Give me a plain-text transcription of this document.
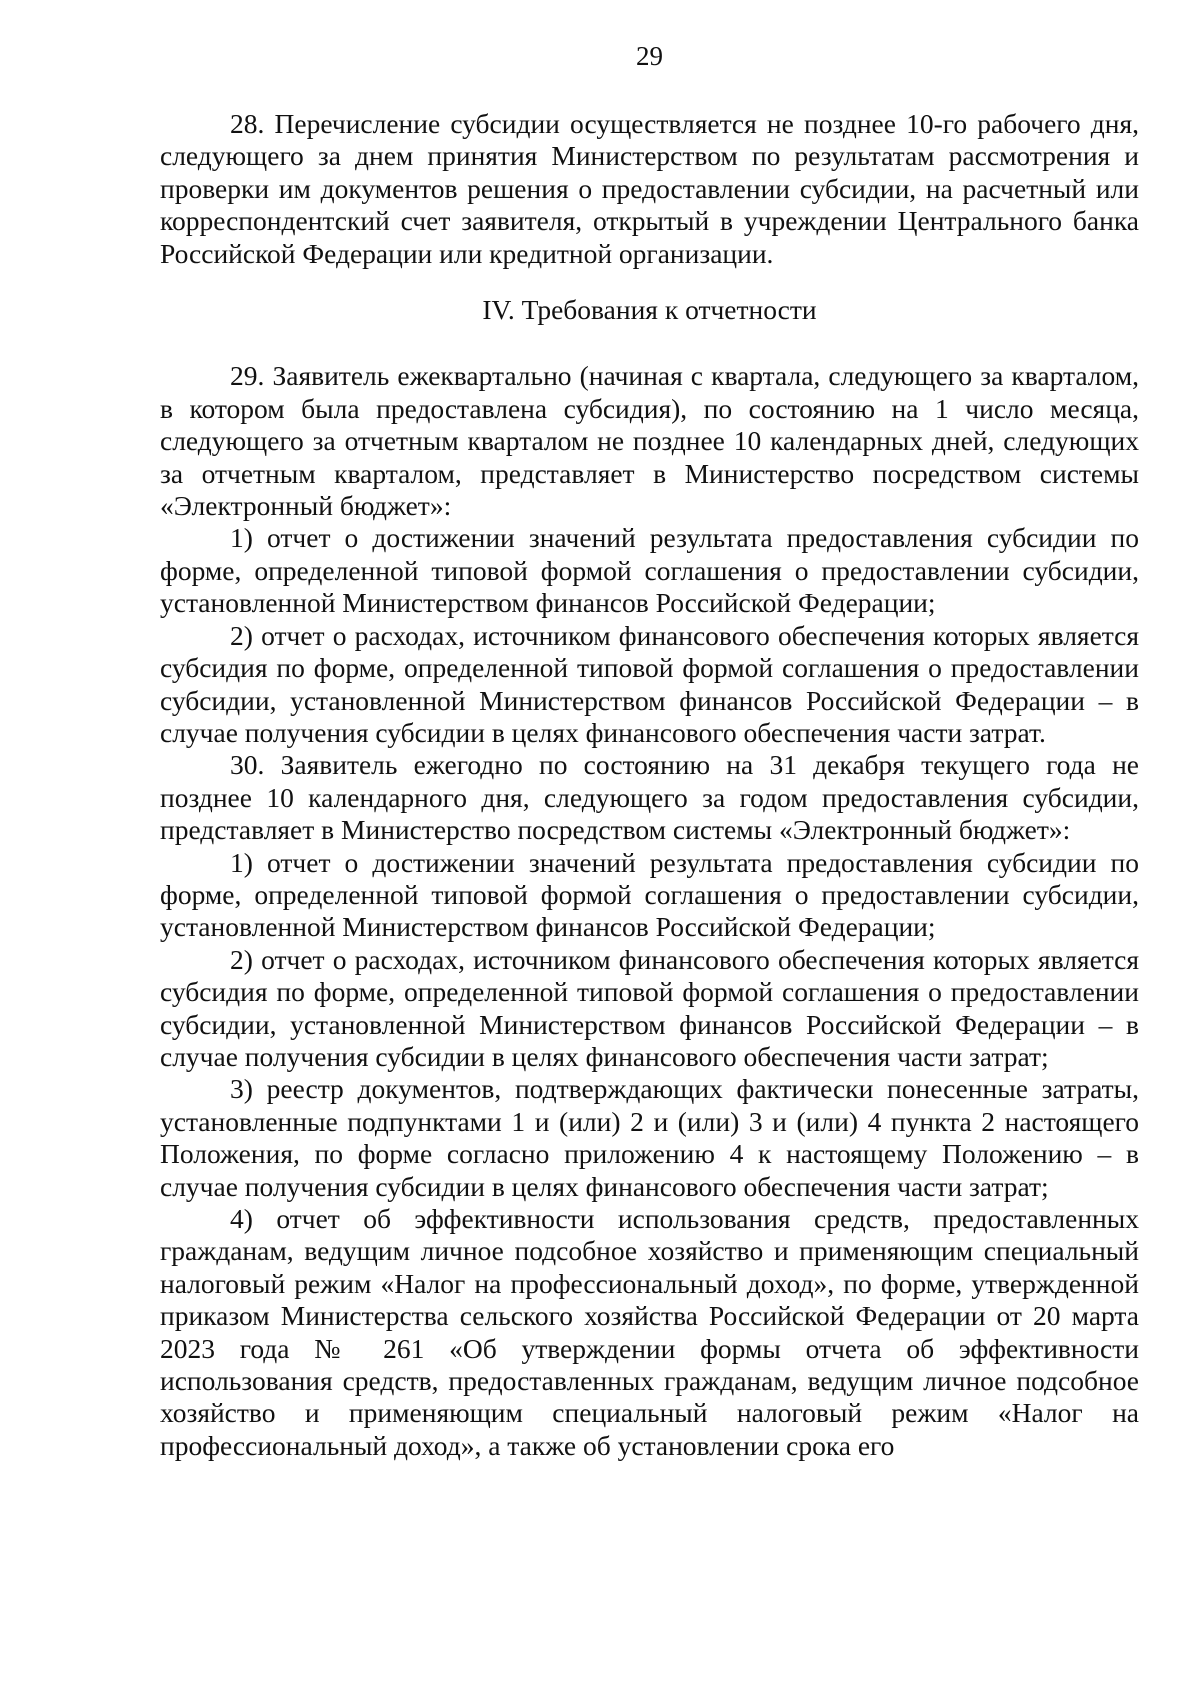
29

28. Перечисление субсидии осуществляется не позднее 10-го рабочего дня, следующего за днем принятия Министерством по результатам рассмотрения и проверки им документов решения о предоставлении субсидии, на расчетный или корреспондентский счет заявителя, открытый в учреждении Центрального банка Российской Федерации или кредитной организации.

IV. Требования к отчетности

29. Заявитель ежеквартально (начиная с квартала, следующего за кварталом, в котором была предоставлена субсидия), по состоянию на 1 число месяца, следующего за отчетным кварталом не позднее 10 календарных дней, следующих за отчетным кварталом, представляет в Министерство посредством системы «Электронный бюджет»:

1) отчет о достижении значений результата предоставления субсидии по форме, определенной типовой формой соглашения о предоставлении субсидии, установленной Министерством финансов Российской Федерации;

2) отчет о расходах, источником финансового обеспечения которых является субсидия по форме, определенной типовой формой соглашения о предоставлении субсидии, установленной Министерством финансов Российской Федерации – в случае получения субсидии в целях финансового обеспечения части затрат.

30. Заявитель ежегодно по состоянию на 31 декабря текущего года не позднее 10 календарного дня, следующего за годом предоставления субсидии, представляет в Министерство посредством системы «Электронный бюджет»:

1) отчет о достижении значений результата предоставления субсидии по форме, определенной типовой формой соглашения о предоставлении субсидии, установленной Министерством финансов Российской Федерации;

2) отчет о расходах, источником финансового обеспечения которых является субсидия по форме, определенной типовой формой соглашения о предоставлении субсидии, установленной Министерством финансов Российской Федерации – в случае получения субсидии в целях финансового обеспечения части затрат;

3) реестр документов, подтверждающих фактически понесенные затраты, установленные подпунктами 1 и (или) 2 и (или) 3 и (или) 4 пункта 2 настоящего Положения, по форме согласно приложению 4 к настоящему Положению – в случае получения субсидии в целях финансового обеспечения части затрат;

4) отчет об эффективности использования средств, предоставленных гражданам, ведущим личное подсобное хозяйство и применяющим специальный налоговый режим «Налог на профессиональный доход», по форме, утвержденной приказом Министерства сельского хозяйства Российской Федерации от 20 марта 2023 года № 261 «Об утверждении формы отчета об эффективности использования средств, предоставленных гражданам, ведущим личное подсобное хозяйство и применяющим специальный налоговый режим «Налог на профессиональный доход», а также об установлении срока его
